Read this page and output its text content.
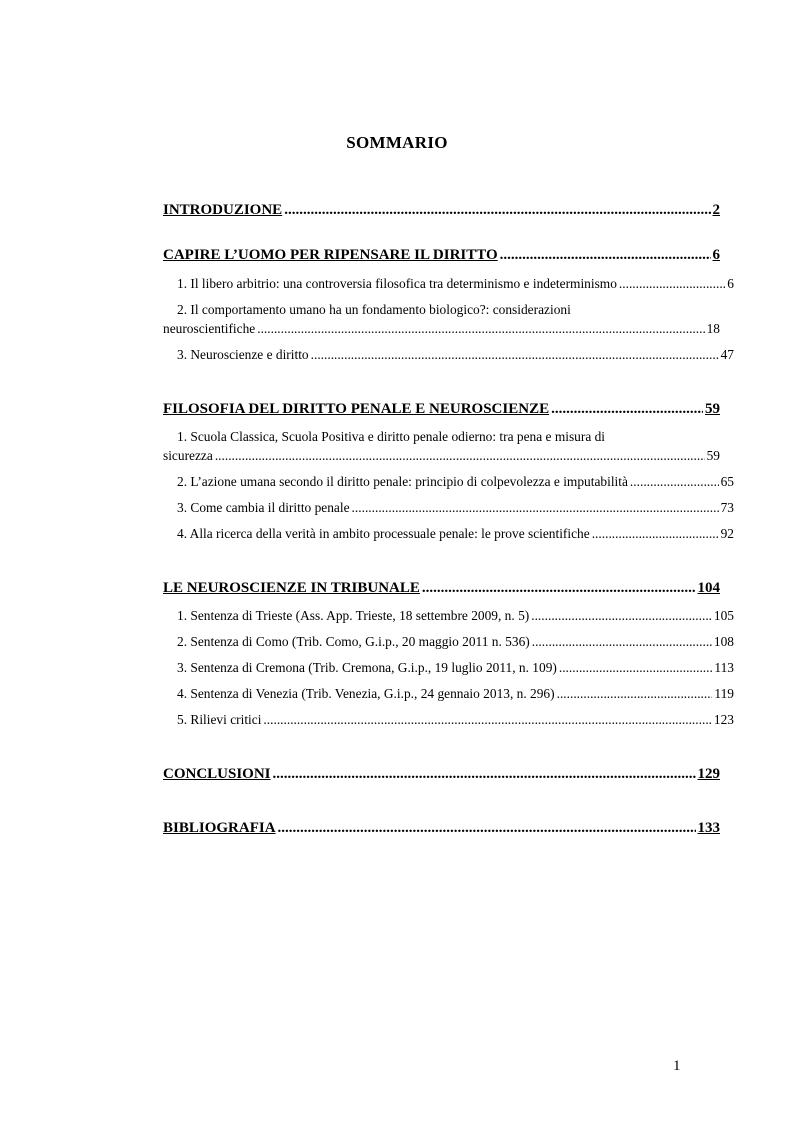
SOMMARIO
INTRODUZIONE .....	2
CAPIRE L’UOMO PER RIPENSARE IL DIRITTO .....	6
1. Il libero arbitrio: una controversia filosofica tra determinismo e indeterminismo .....	6
2. Il comportamento umano ha un fondamento biologico?: considerazioni
neuroscientifiche .....	18
3. Neuroscienze e diritto .....	47
FILOSOFIA DEL DIRITTO PENALE E NEUROSCIENZE .....	59
1. Scuola Classica, Scuola Positiva e diritto penale odierno: tra pena e misura di
sicurezza .....	59
2. L’azione umana secondo il diritto penale: principio di colpevolezza e imputabilità .....	65
3. Come cambia il diritto penale .....	73
4. Alla ricerca della verità in ambito processuale penale: le prove scientifiche .....	92
LE NEUROSCIENZE IN TRIBUNALE .....	104
1. Sentenza di Trieste (Ass. App. Trieste, 18 settembre 2009, n. 5) .....	105
2. Sentenza di Como (Trib. Como, G.i.p., 20 maggio 2011 n. 536) .....	108
3. Sentenza di Cremona (Trib. Cremona, G.i.p., 19 luglio 2011, n. 109) .....	113
4. Sentenza di Venezia (Trib. Venezia, G.i.p., 24 gennaio 2013, n. 296) .....	119
5. Rilievi critici .....	123
CONCLUSIONI .....	129
BIBLIOGRAFIA .....	133
1
